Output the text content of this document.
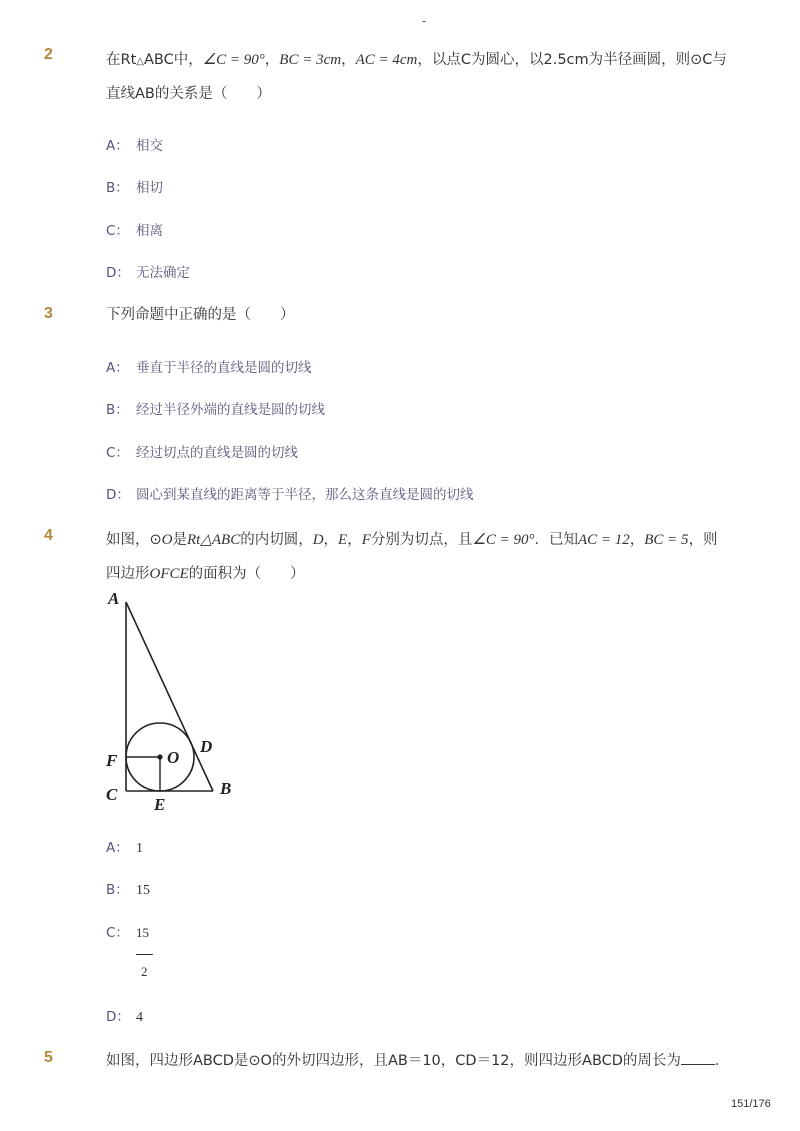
-
2	在Rt△ABC中，∠C = 90°，BC = 3cm，AC = 4cm，以点C为圆心，以2.5cm为半径画圆，则⊙C与
直线AB的关系是（　　）
A： 相交
B： 相切
C： 相离
D： 无法确定
3	下列命题中正确的是（　　）
A： 垂直于半径的直线是圆的切线
B： 经过半径外端的直线是圆的切线
C： 经过切点的直线是圆的切线
D： 圆心到某直线的距离等于半径，那么这条直线是圆的切线
4	如图，⊙O是Rt△ABC的内切圆，D，E，F分别为切点，且∠C = 90°．已知AC = 12，BC = 5，则
四边形OFCE的面积为（　　）
A
F	O
D
B
C
E
A： 1
B： 15
C： 15
2
D： 4
5	如图，四边形ABCD是⊙O的外切四边形，且AB＝10，CD＝12，则四边形ABCD的周长为 ．
151/176
